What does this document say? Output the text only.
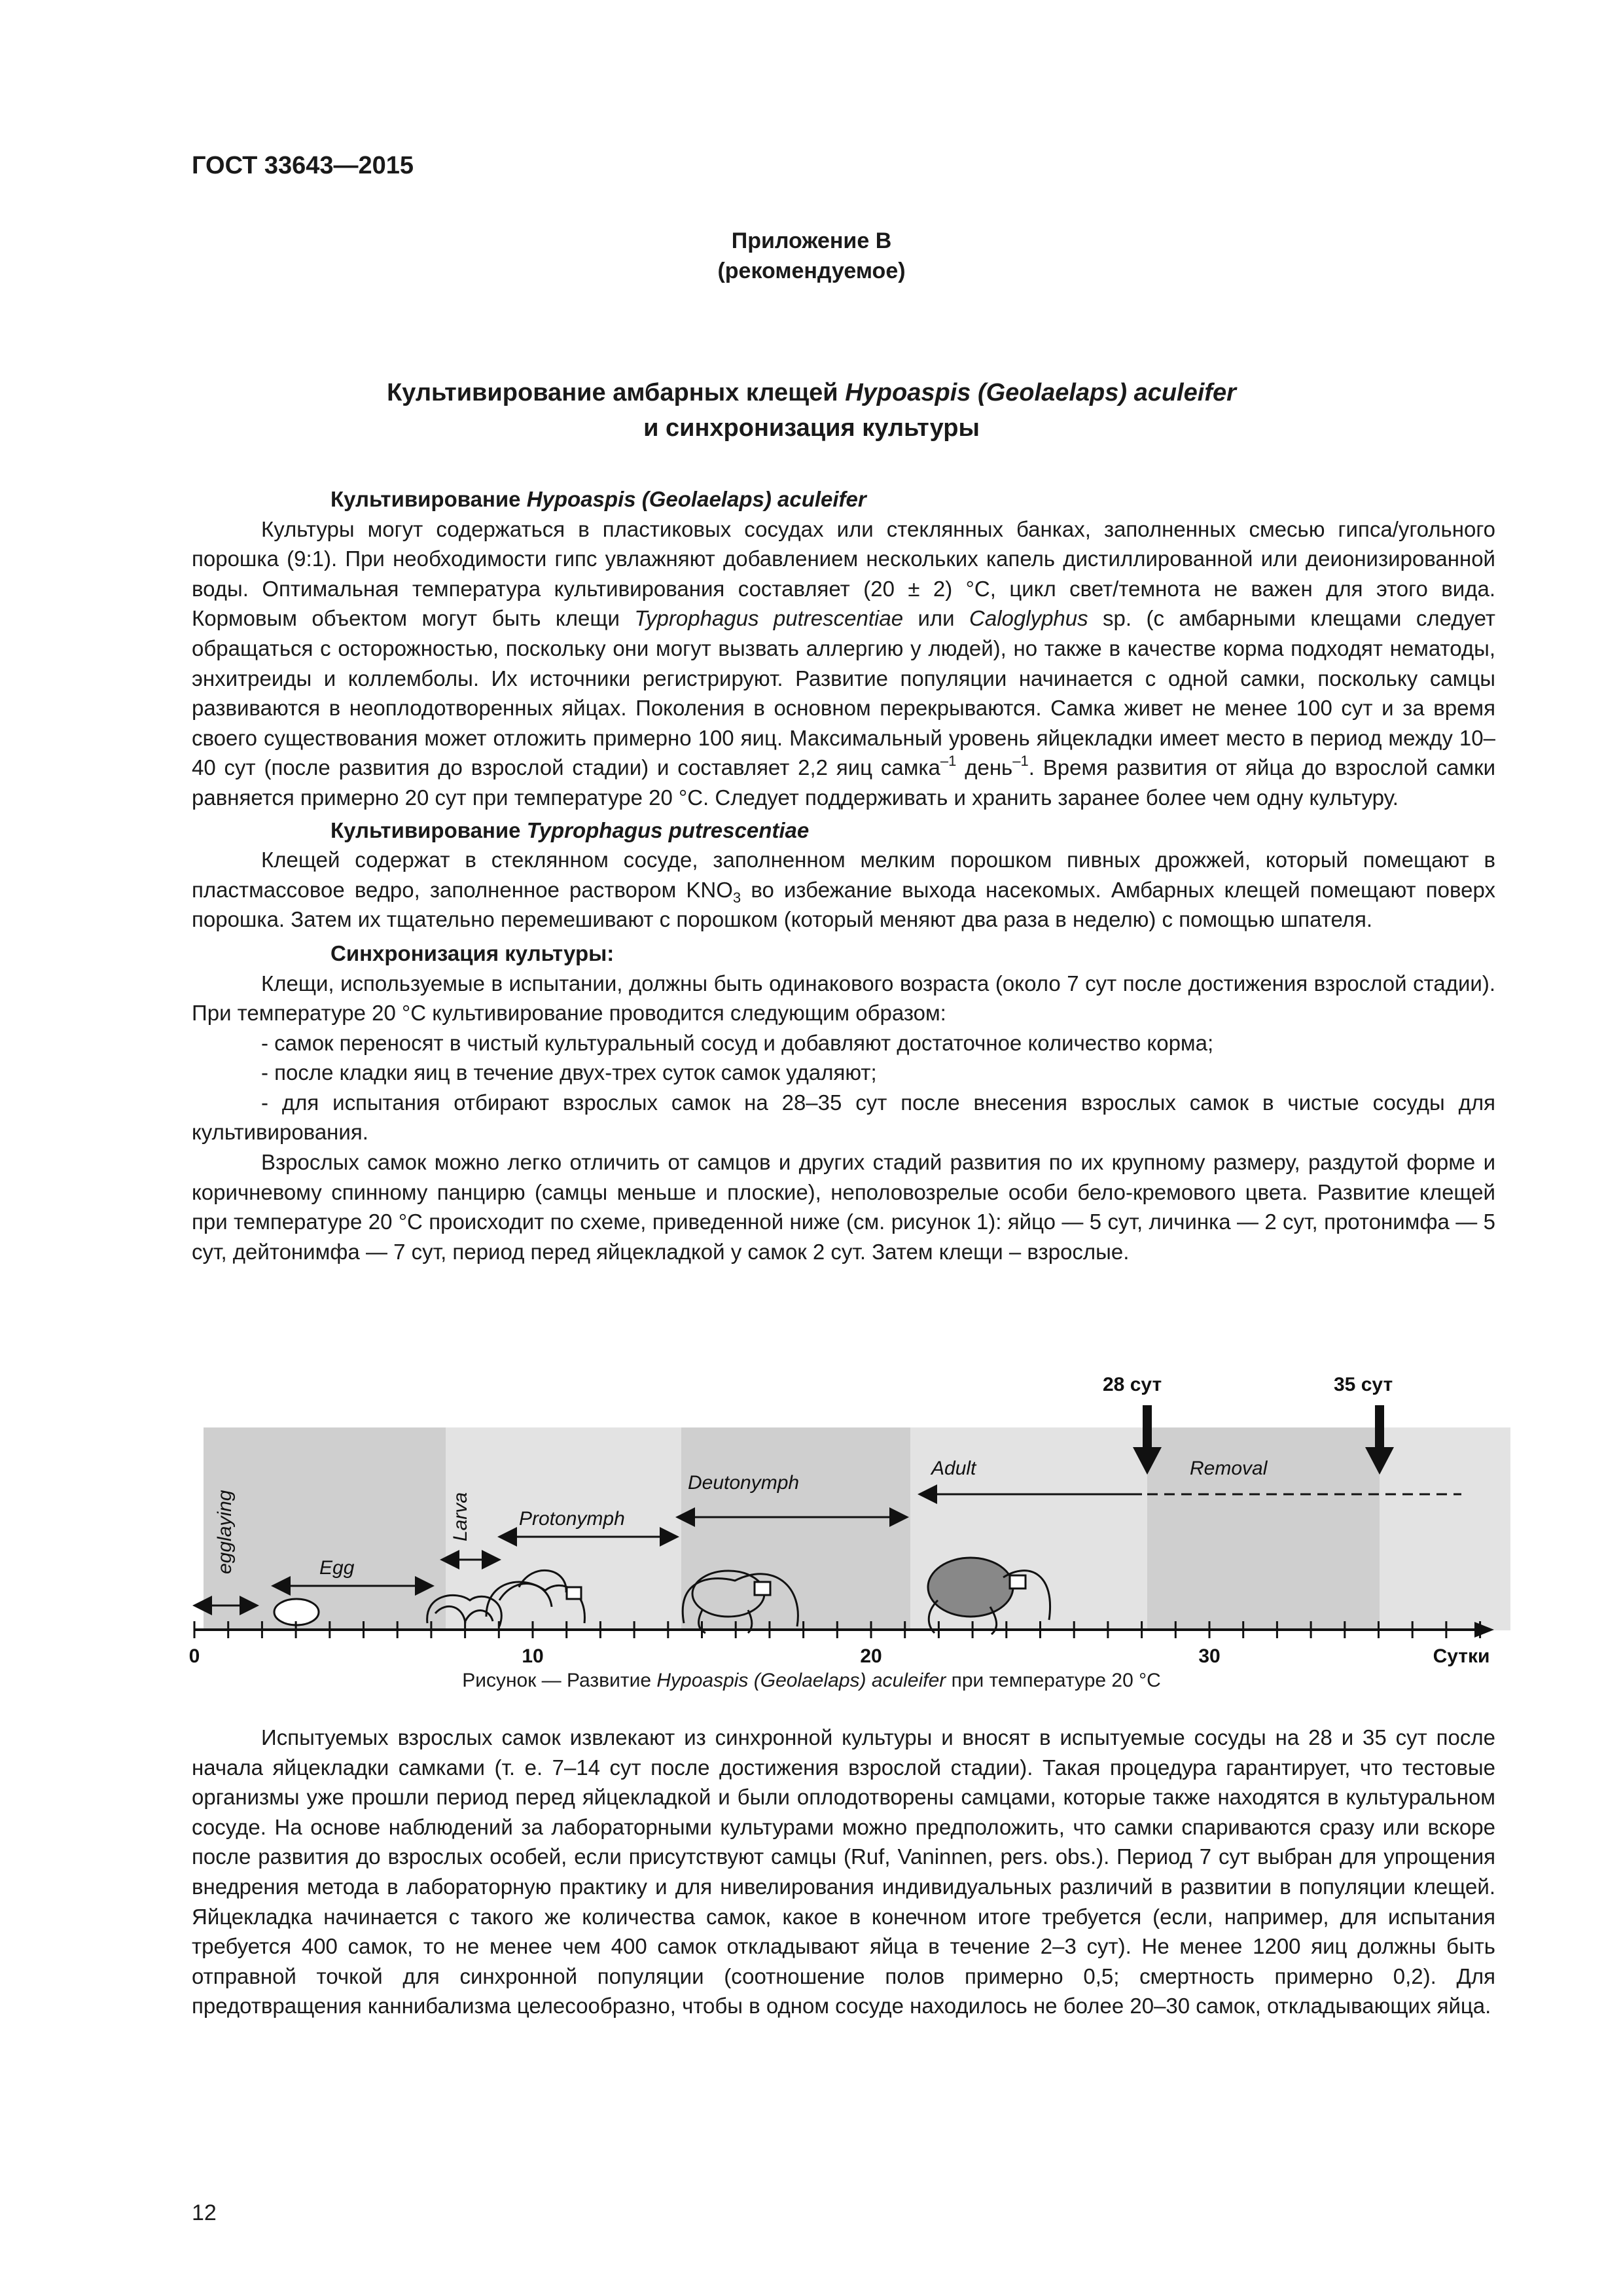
ГОСТ 33643—2015
Приложение В
(рекомендуемое)
Культивирование амбарных клещей Hypoaspis (Geolaelaps) aculeifer
и синхронизация культуры

Культивирование Hypoaspis (Geolaelaps) aculeifer

Культуры могут содержаться в пластиковых сосудах или стеклянных банках, заполненных смесью гипса/угольного порошка (9:1). При необходимости гипс увлажняют добавлением нескольких капель дистиллированной или деионизированной воды. Оптимальная температура культивирования составляет (20 ± 2) °С, цикл свет/темнота не важен для этого вида. Кормовым объектом могут быть клещи Typrophagus putrescentiae или Caloglyphus sp. (с амбарными клещами следует обращаться с осторожностью, поскольку они могут вызвать аллергию у людей), но также в качестве корма подходят нематоды, энхитреиды и коллемболы. Их источники регистрируют. Развитие популяции начинается с одной самки, поскольку самцы развиваются в неоплодотворенных яйцах. Поколения в основном перекрываются. Самка живет не менее 100 сут и за время своего существования может отложить примерно 100 яиц. Максимальный уровень яйцекладки имеет место в период между 10–40 сут (после развития до взрослой стадии) и составляет 2,2 яиц самка$^{-1}$ день$^{-1}$. Время развития от яйца до взрослой самки равняется примерно 20 сут при температуре 20 °С. Следует поддерживать и хранить заранее более чем одну культуру.

Культивирование Typrophagus putrescentiae

Клещей содержат в стеклянном сосуде, заполненном мелким порошком пивных дрожжей, который помещают в пластмассовое ведро, заполненное раствором $KNO_3$ во избежание выхода насекомых. Амбарных клещей помещают поверх порошка. Затем их тщательно перемешивают с порошком (который меняют два раза в неделю) с помощью шпателя.

Синхронизация культуры:

Клещи, используемые в испытании, должны быть одинакового возраста (около 7 сут после достижения взрослой стадии). При температуре 20 °С культивирование проводится следующим образом:

- самок переносят в чистый культуральный сосуд и добавляют достаточное количество корма;

- после кладки яиц в течение двух-трех суток самок удаляют;

- для испытания отбирают взрослых самок на 28–35 сут после внесения взрослых самок в чистые сосуды для культивирования.

Взрослых самок можно легко отличить от самцов и других стадий развития по их крупному размеру, раздутой форме и коричневому спинному панцирю (самцы меньше и плоские), неполовозрелые особи бело-кремового цвета. Развитие клещей при температуре 20 °С происходит по схеме, приведенной ниже (см. рисунок 1): яйцо — 5 сут, личинка — 2 сут, протонимфа — 5 сут, дейтонимфа — 7 сут, период перед яйцекладкой у самок 2 сут. Затем клещи – взрослые.

egglaying	Egg
Larva Protonymph
Deutonymph
Adult	Removal
28 сут	35 сут
0	10	20	30	Сутки
Рисунок — Развитие Hypoaspis (Geolaelaps) aculeifer при температуре 20 °С

Испытуемых взрослых самок извлекают из синхронной культуры и вносят в испытуемые сосуды на 28 и 35 сут после начала яйцекладки самками (т. е. 7–14 сут после достижения взрослой стадии). Такая процедура гарантирует, что тестовые организмы уже прошли период перед яйцекладкой и были оплодотворены самцами, которые также находятся в культуральном сосуде. На основе наблюдений за лабораторными культурами можно предположить, что самки спариваются сразу или вскоре после развития до взрослых особей, если присутствуют самцы (Ruf, Vaninnen, pers. obs.). Период 7 сут выбран для упрощения внедрения метода в лабораторную практику и для нивелирования индивидуальных различий в развитии в популяции клещей. Яйцекладка начинается с такого же количества самок, какое в конечном итоге требуется (если, например, для испытания требуется 400 самок, то не менее чем 400 самок откладывают яйца в течение 2–3 сут). Не менее 1200 яиц должны быть отправной точкой для синхронной популяции (соотношение полов примерно 0,5; смертность примерно 0,2). Для предотвращения каннибализма целесообразно, чтобы в одном сосуде находилось не более 20–30 самок, откладывающих яйца.

12
